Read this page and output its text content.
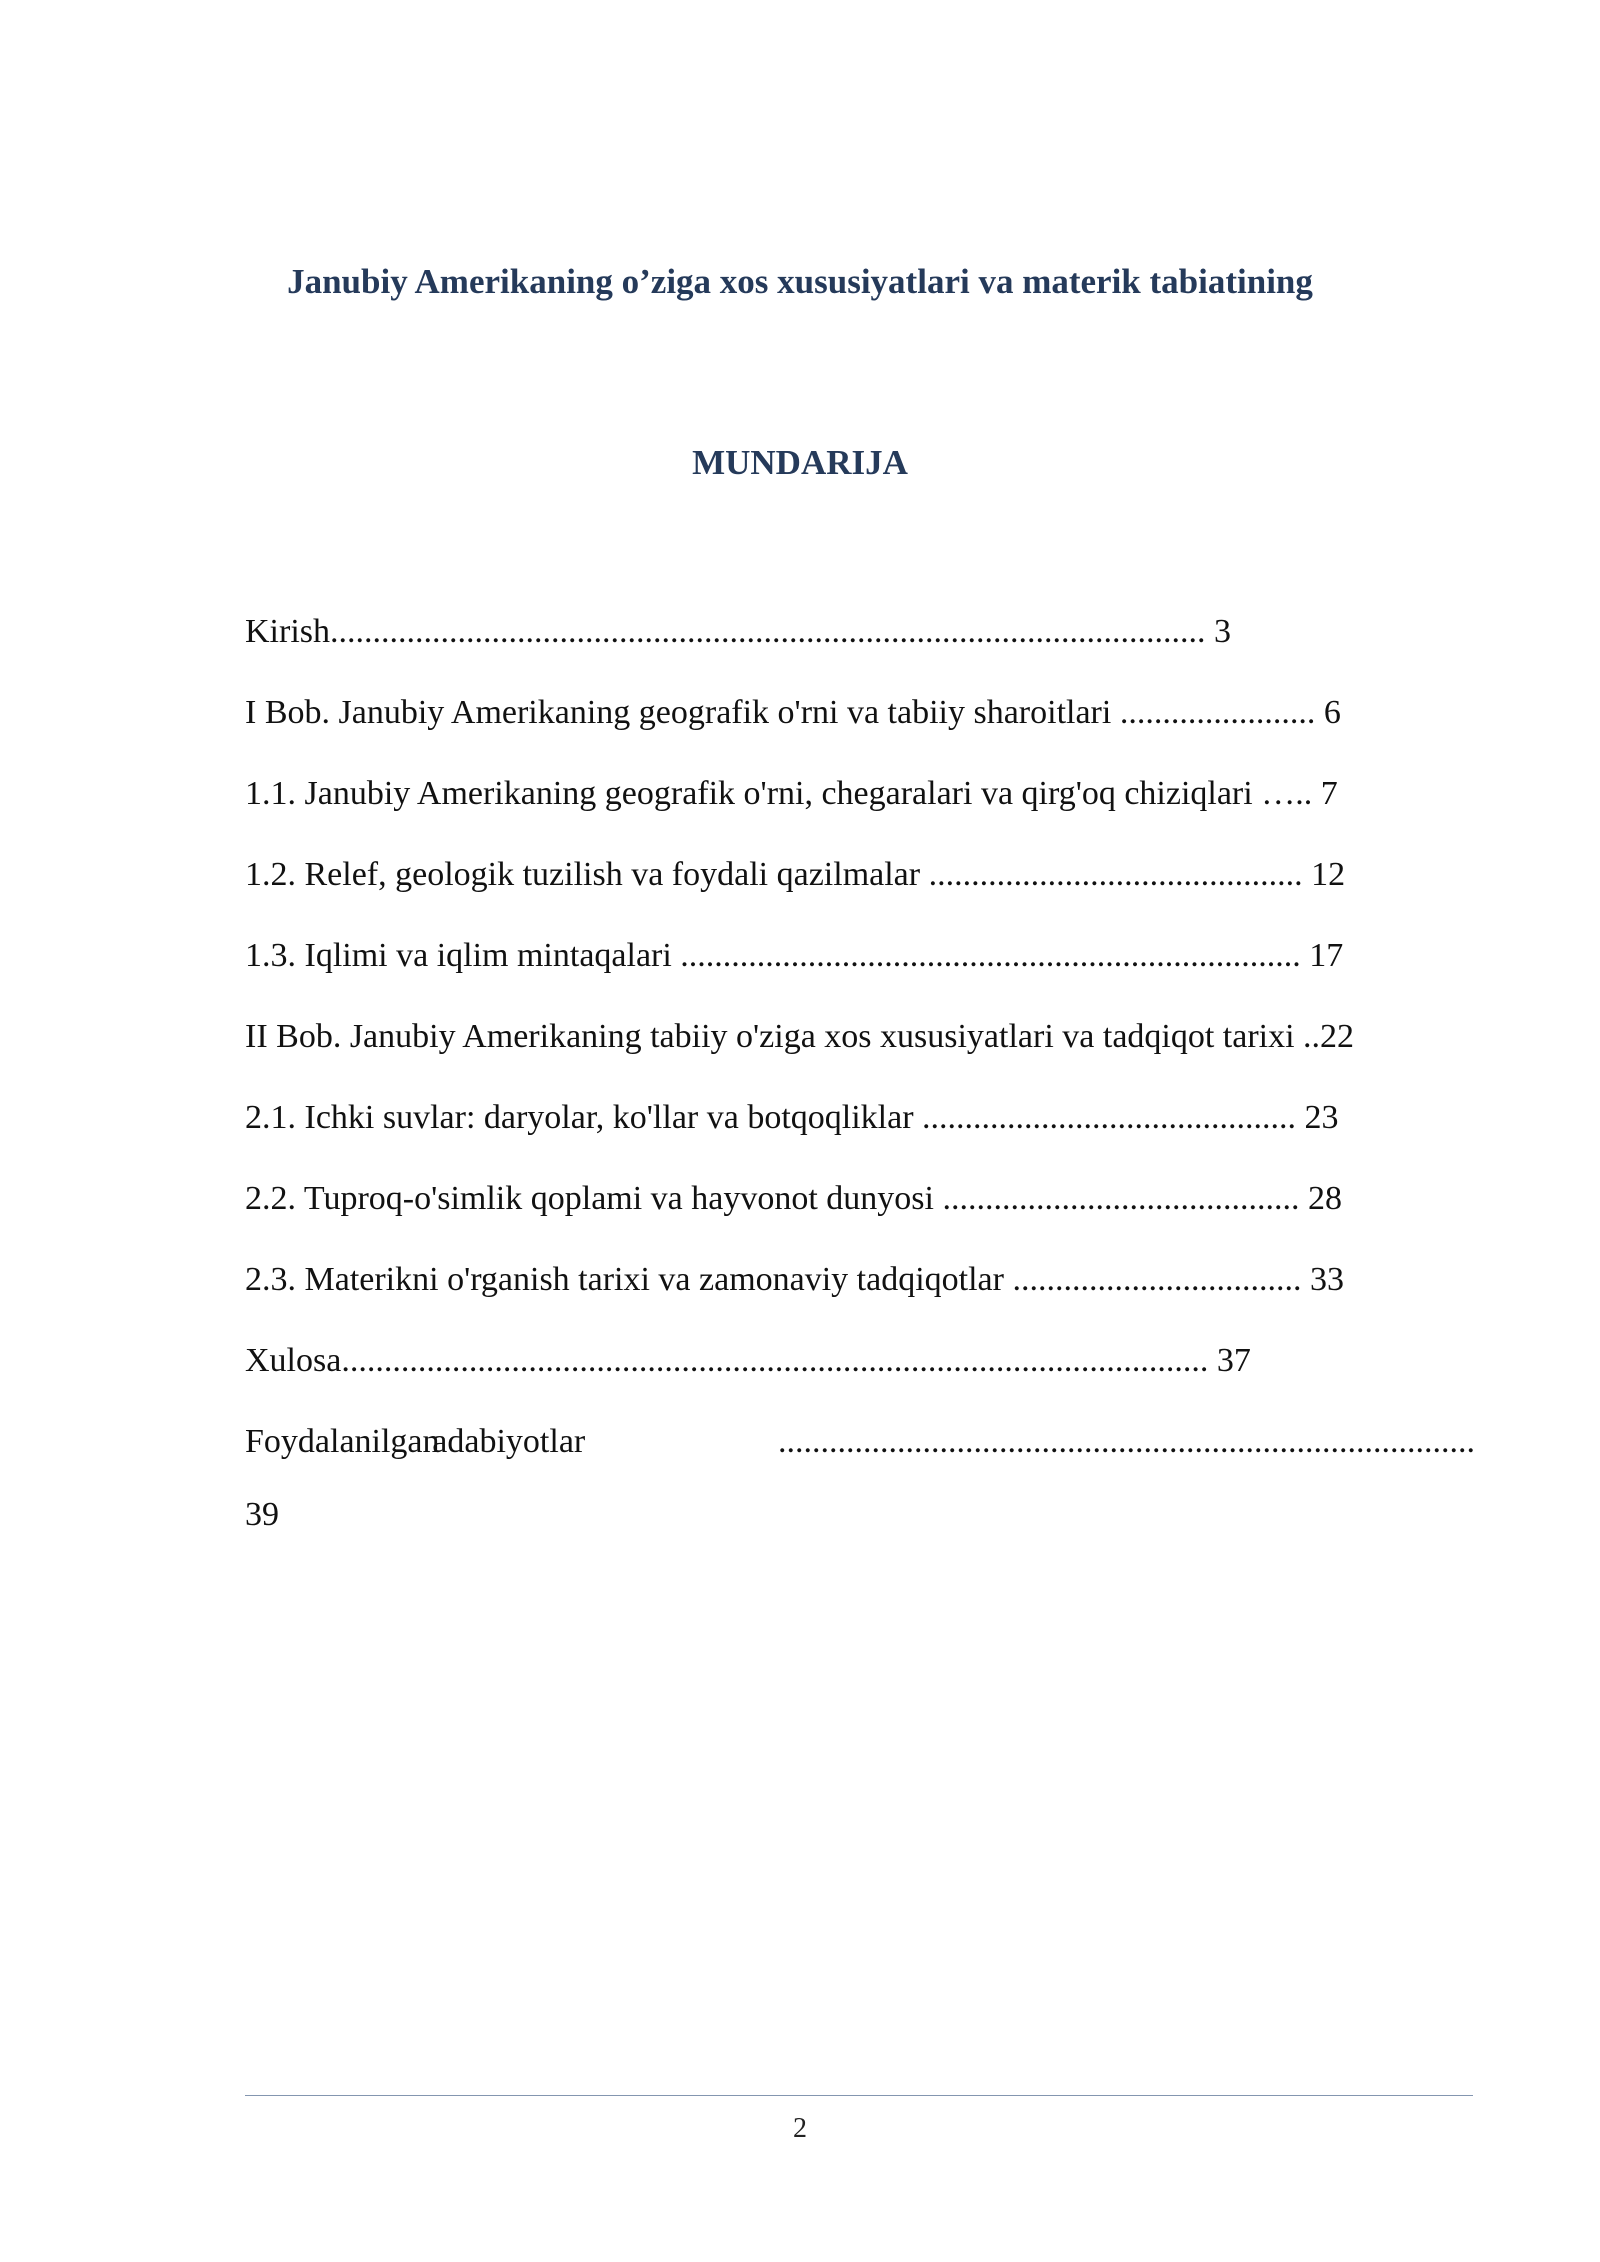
Janubiy Amerikaning o’ziga xos xususiyatlari va materik tabiatining
MUNDARIJA
Kirish....................................................................................................... 3
I Bob. Janubiy Amerikaning geografik o'rni va tabiiy sharoitlari ....................... 6
1.1. Janubiy Amerikaning geografik o'rni, chegaralari va qirg'oq chiziqlari ….. 7
1.2. Relef, geologik tuzilish va foydali qazilmalar ............................................ 12
1.3. Iqlimi va iqlim mintaqalari ......................................................................... 17
II Bob. Janubiy Amerikaning tabiiy o'ziga xos xususiyatlari va tadqiqot tarixi ..22
2.1. Ichki suvlar: daryolar, ko'llar va botqoqliklar ............................................ 23
2.2. Tuproq-o'simlik qoplami va hayvonot dunyosi .......................................... 28
2.3. Materikni o'rganish tarixi va zamonaviy tadqiqotlar .................................. 33
Xulosa...................................................................................................... 37
Foydalanilgan
adabiyotlar	..................................................................................
39
2
